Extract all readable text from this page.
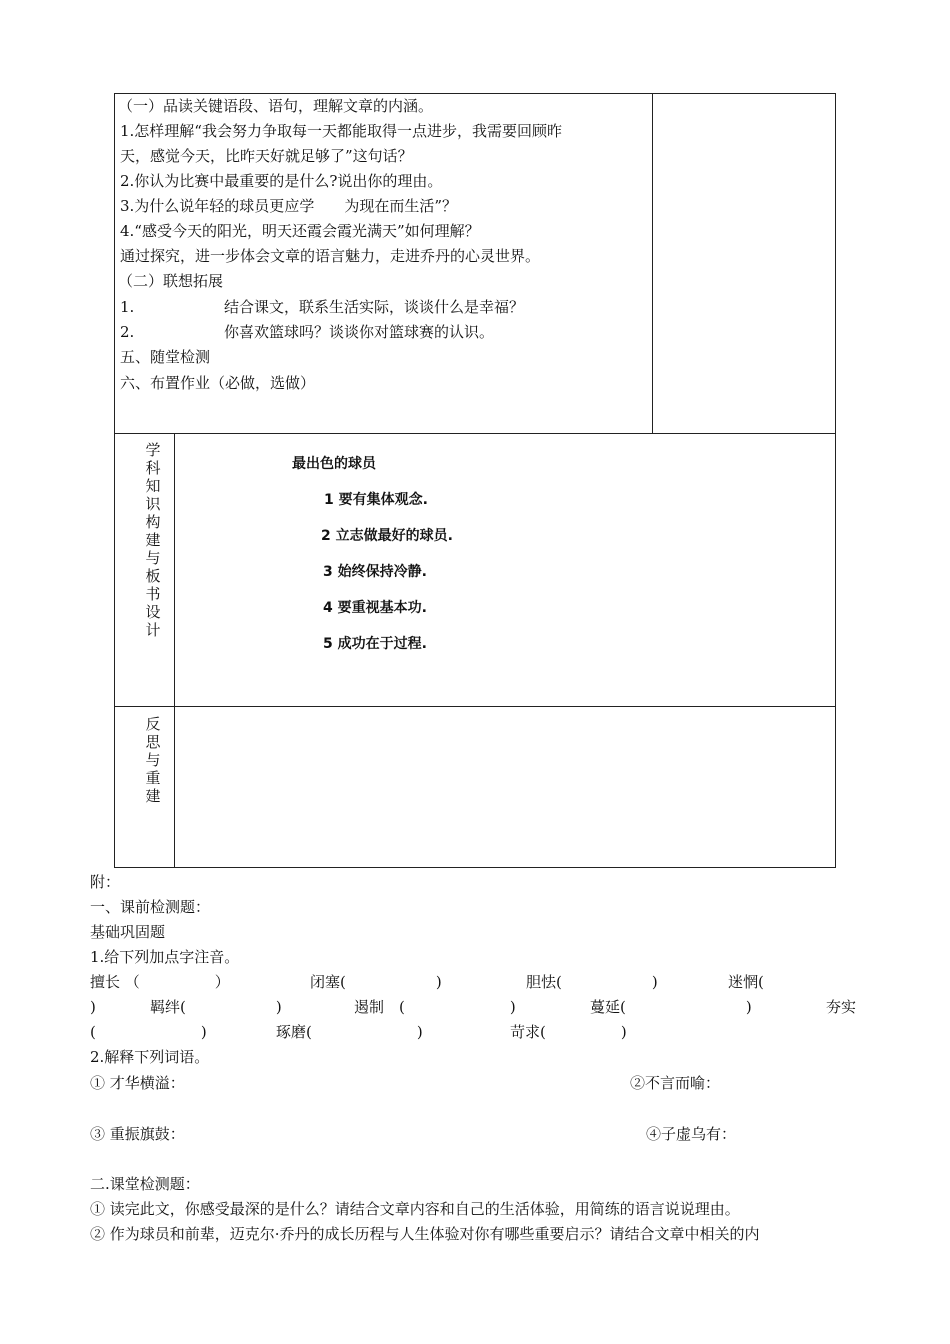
（一）品读关键语段、语句，理解文章的内涵。
1.怎样理解“我会努力争取每一天都能取得一点进步，我需要回顾昨
天，感觉今天，比昨天好就足够了”这句话？
2.你认为比赛中最重要的是什么?说出你的理由。
3.为什么说年轻的球员更应学　　为现在而生活”？
4.“感受今天的阳光，明天还霞会霞光满天”如何理解？
通过探究，进一步体会文章的语言魅力，走进乔丹的心灵世界。
（二）联想拓展
1.	结合课文，联系生活实际，谈谈什么是幸福？
2.	你喜欢篮球吗？谈谈你对篮球赛的认识。
五、随堂检测
六、布置作业（必做，选做）
学科知识构建与板书设计
最出色的球员
1 要有集体观念.
2 立志做最好的球员.
3 始终保持冷静.
4 要重视基本功.
5 成功在于过程.
反思与重建
附：
一、课前检测题：
基础巩固题
1.给下列加点字注音。
擅长 （　　　　　）	闭塞(　　　　　　)	胆怯(　　　　　　)	迷惘(
)	羁绊(　　　　　　)	遏制　(　　　　　　　)	蔓延(　　　　　　　　)	夯实
(　　　　　　　)	琢磨(　　　　　　　)	苛求(　　　　　)
2.解释下列词语。
① 才华横溢：	②不言而喻：
③ 重振旗鼓：	④子虚乌有：
二.课堂检测题：
① 读完此文，你感受最深的是什么？请结合文章内容和自己的生活体验，用简练的语言说说理由。
② 作为球员和前辈，迈克尔·乔丹的成长历程与人生体验对你有哪些重要启示？请结合文章中相关的内
